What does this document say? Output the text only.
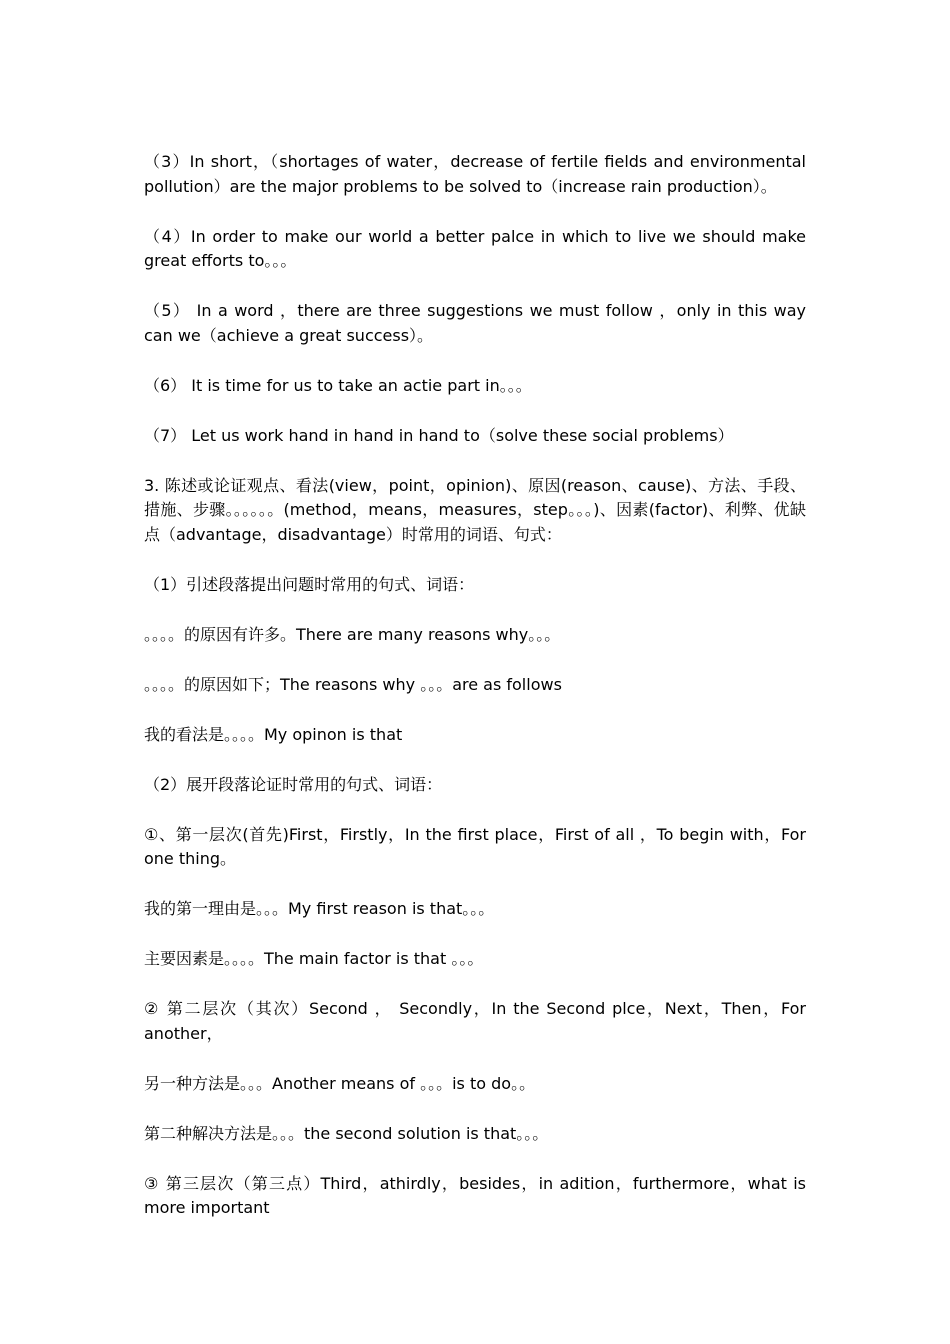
（3）In short，（shortages of water，decrease of fertile fields and environmental pollution）are the major problems to be solved to（increase rain production）。

（4）In order to make our world a better palce in which to live we should make great efforts to。。。

（5） In a word ，there are three suggestions we must follow ，only in this way can we（achieve a great success）。

（6） It is time for us to take an actie part in。。。

（7） Let us work hand in hand in hand to（solve these social problems）

3. 陈述或论证观点、看法(view，point，opinion)、原因(reason、cause)、方法、手段、措施、步骤。。。。。。(method，means，measures，step。。。)、因素(factor)、利弊、优缺点（advantage，disadvantage）时常用的词语、句式：

（1）引述段落提出问题时常用的句式、词语：

。。。。的原因有许多。There are many reasons why。。。

。。。。的原因如下；The reasons why 。。。are as follows

我的看法是。。。。My opinon is that

（2）展开段落论证时常用的句式、词语：

①、第一层次(首先)First，Firstly，In the first place，First of all ，To begin with，For one thing。

我的第一理由是。。。My first reason is that。。。

主要因素是。。。。The main factor is that 。。。

② 第二层次（其次）Second ， Secondly，In the Second plce，Next，Then，For another，

另一种方法是。。。Another means of 。。。is to do。。

第二种解决方法是。。。the second solution is that。。。

③ 第三层次（第三点）Third，athirdly，besides，in adition，furthermore，what is more important
